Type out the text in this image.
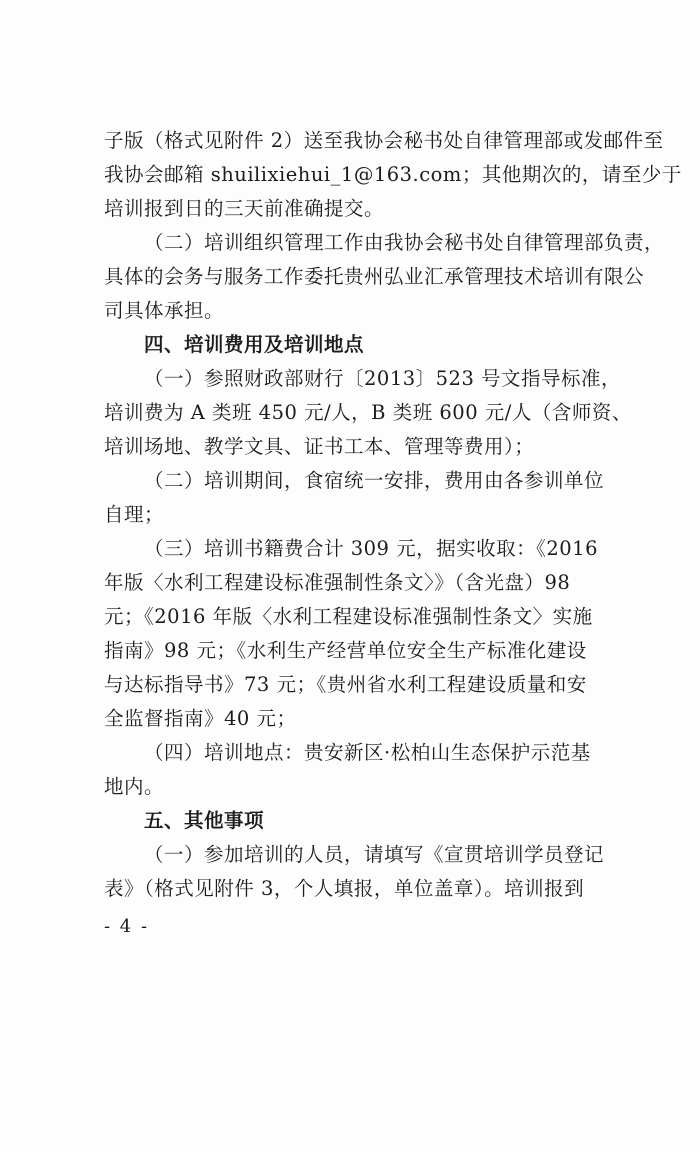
子版（格式见附件 2）送至我协会秘书处自律管理部或发邮件至
我协会邮箱 shuilixiehui_1@163.com；其他期次的，请至少于
培训报到日的三天前准确提交。
（二）培训组织管理工作由我协会秘书处自律管理部负责，
具体的会务与服务工作委托贵州弘业汇承管理技术培训有限公
司具体承担。
四、培训费用及培训地点
（一）参照财政部财行〔2013〕523 号文指导标准，
培训费为 A 类班 450 元/人，B 类班 600 元/人（含师资、
培训场地、教学文具、证书工本、管理等费用）；
（二）培训期间，食宿统一安排，费用由各参训单位
自理；
（三）培训书籍费合计 309 元，据实收取：《2016
年版〈水利工程建设标准强制性条文〉》（含光盘）98
元；《2016 年版〈水利工程建设标准强制性条文〉实施
指南》98 元；《水利生产经营单位安全生产标准化建设
与达标指导书》73 元；《贵州省水利工程建设质量和安
全监督指南》40 元；
（四）培训地点：贵安新区·松柏山生态保护示范基
地内。
五、其他事项
（一）参加培训的人员，请填写《宣贯培训学员登记
表》（格式见附件 3，个人填报，单位盖章）。培训报到
- 4 -
